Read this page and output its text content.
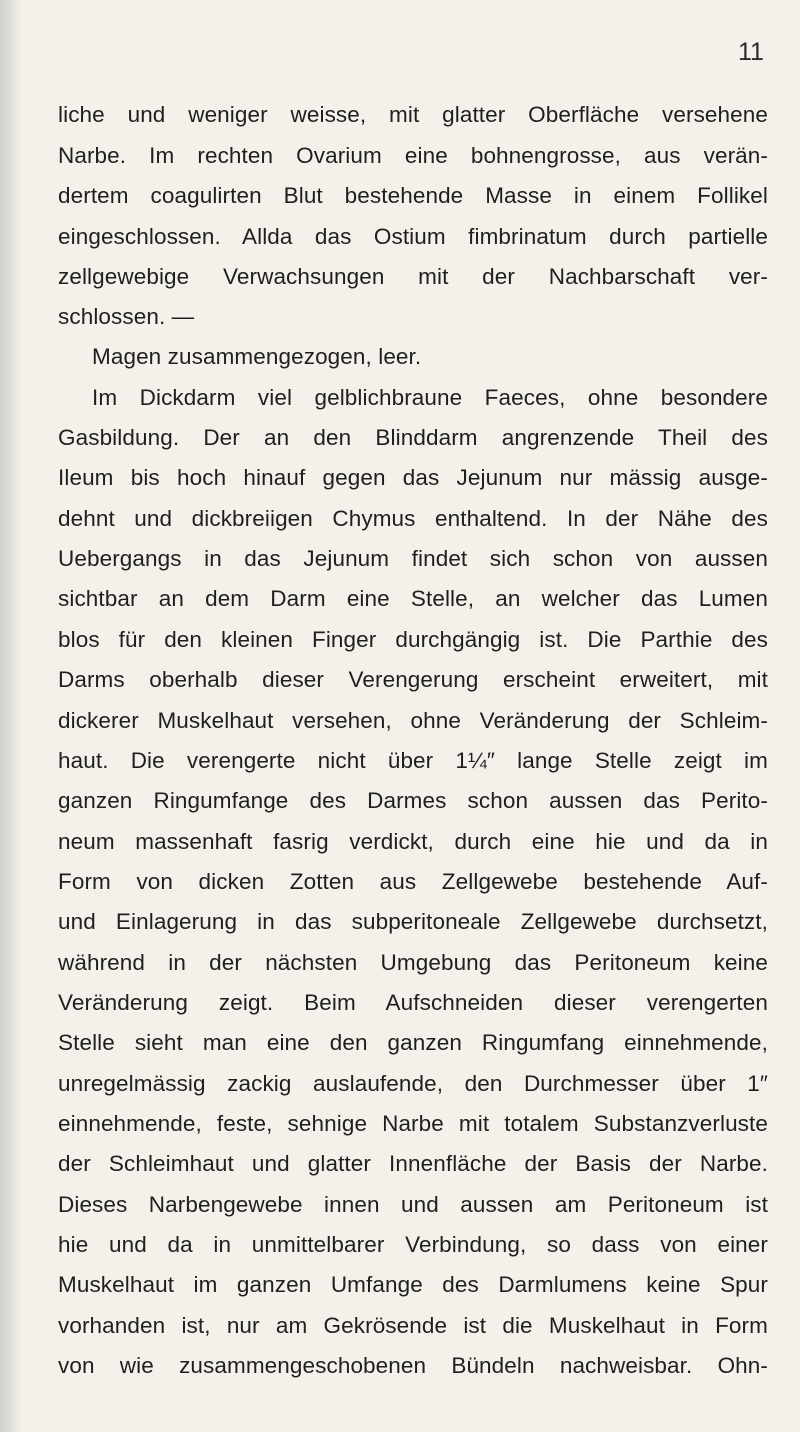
11
liche und weniger weisse, mit glatter Oberfläche versehene
Narbe. Im rechten Ovarium eine bohnengrosse, aus verän-
dertem coagulirten Blut bestehende Masse in einem Follikel
eingeschlossen. Allda das Ostium fimbrinatum durch partielle
zellgewebige Verwachsungen mit der Nachbarschaft ver-
schlossen. —
Magen zusammengezogen, leer.
Im Dickdarm viel gelblichbraune Faeces, ohne besondere
Gasbildung. Der an den Blinddarm angrenzende Theil des
Ileum bis hoch hinauf gegen das Jejunum nur mässig ausge-
dehnt und dickbreiigen Chymus enthaltend. In der Nähe des
Uebergangs in das Jejunum findet sich schon von aussen
sichtbar an dem Darm eine Stelle, an welcher das Lumen
blos für den kleinen Finger durchgängig ist. Die Parthie des
Darms oberhalb dieser Verengerung erscheint erweitert, mit
dickerer Muskelhaut versehen, ohne Veränderung der Schleim-
haut. Die verengerte nicht über 1¼″ lange Stelle zeigt im
ganzen Ringumfange des Darmes schon aussen das Perito-
neum massenhaft fasrig verdickt, durch eine hie und da in
Form von dicken Zotten aus Zellgewebe bestehende Auf-
und Einlagerung in das subperitoneale Zellgewebe durchsetzt,
während in der nächsten Umgebung das Peritoneum keine
Veränderung zeigt. Beim Aufschneiden dieser verengerten
Stelle sieht man eine den ganzen Ringumfang einnehmende,
unregelmässig zackig auslaufende, den Durchmesser über 1″
einnehmende, feste, sehnige Narbe mit totalem Substanzverluste
der Schleimhaut und glatter Innenfläche der Basis der Narbe.
Dieses Narbengewebe innen und aussen am Peritoneum ist
hie und da in unmittelbarer Verbindung, so dass von einer
Muskelhaut im ganzen Umfange des Darmlumens keine Spur
vorhanden ist, nur am Gekrösende ist die Muskelhaut in Form
von wie zusammengeschobenen Bündeln nachweisbar. Ohn-
